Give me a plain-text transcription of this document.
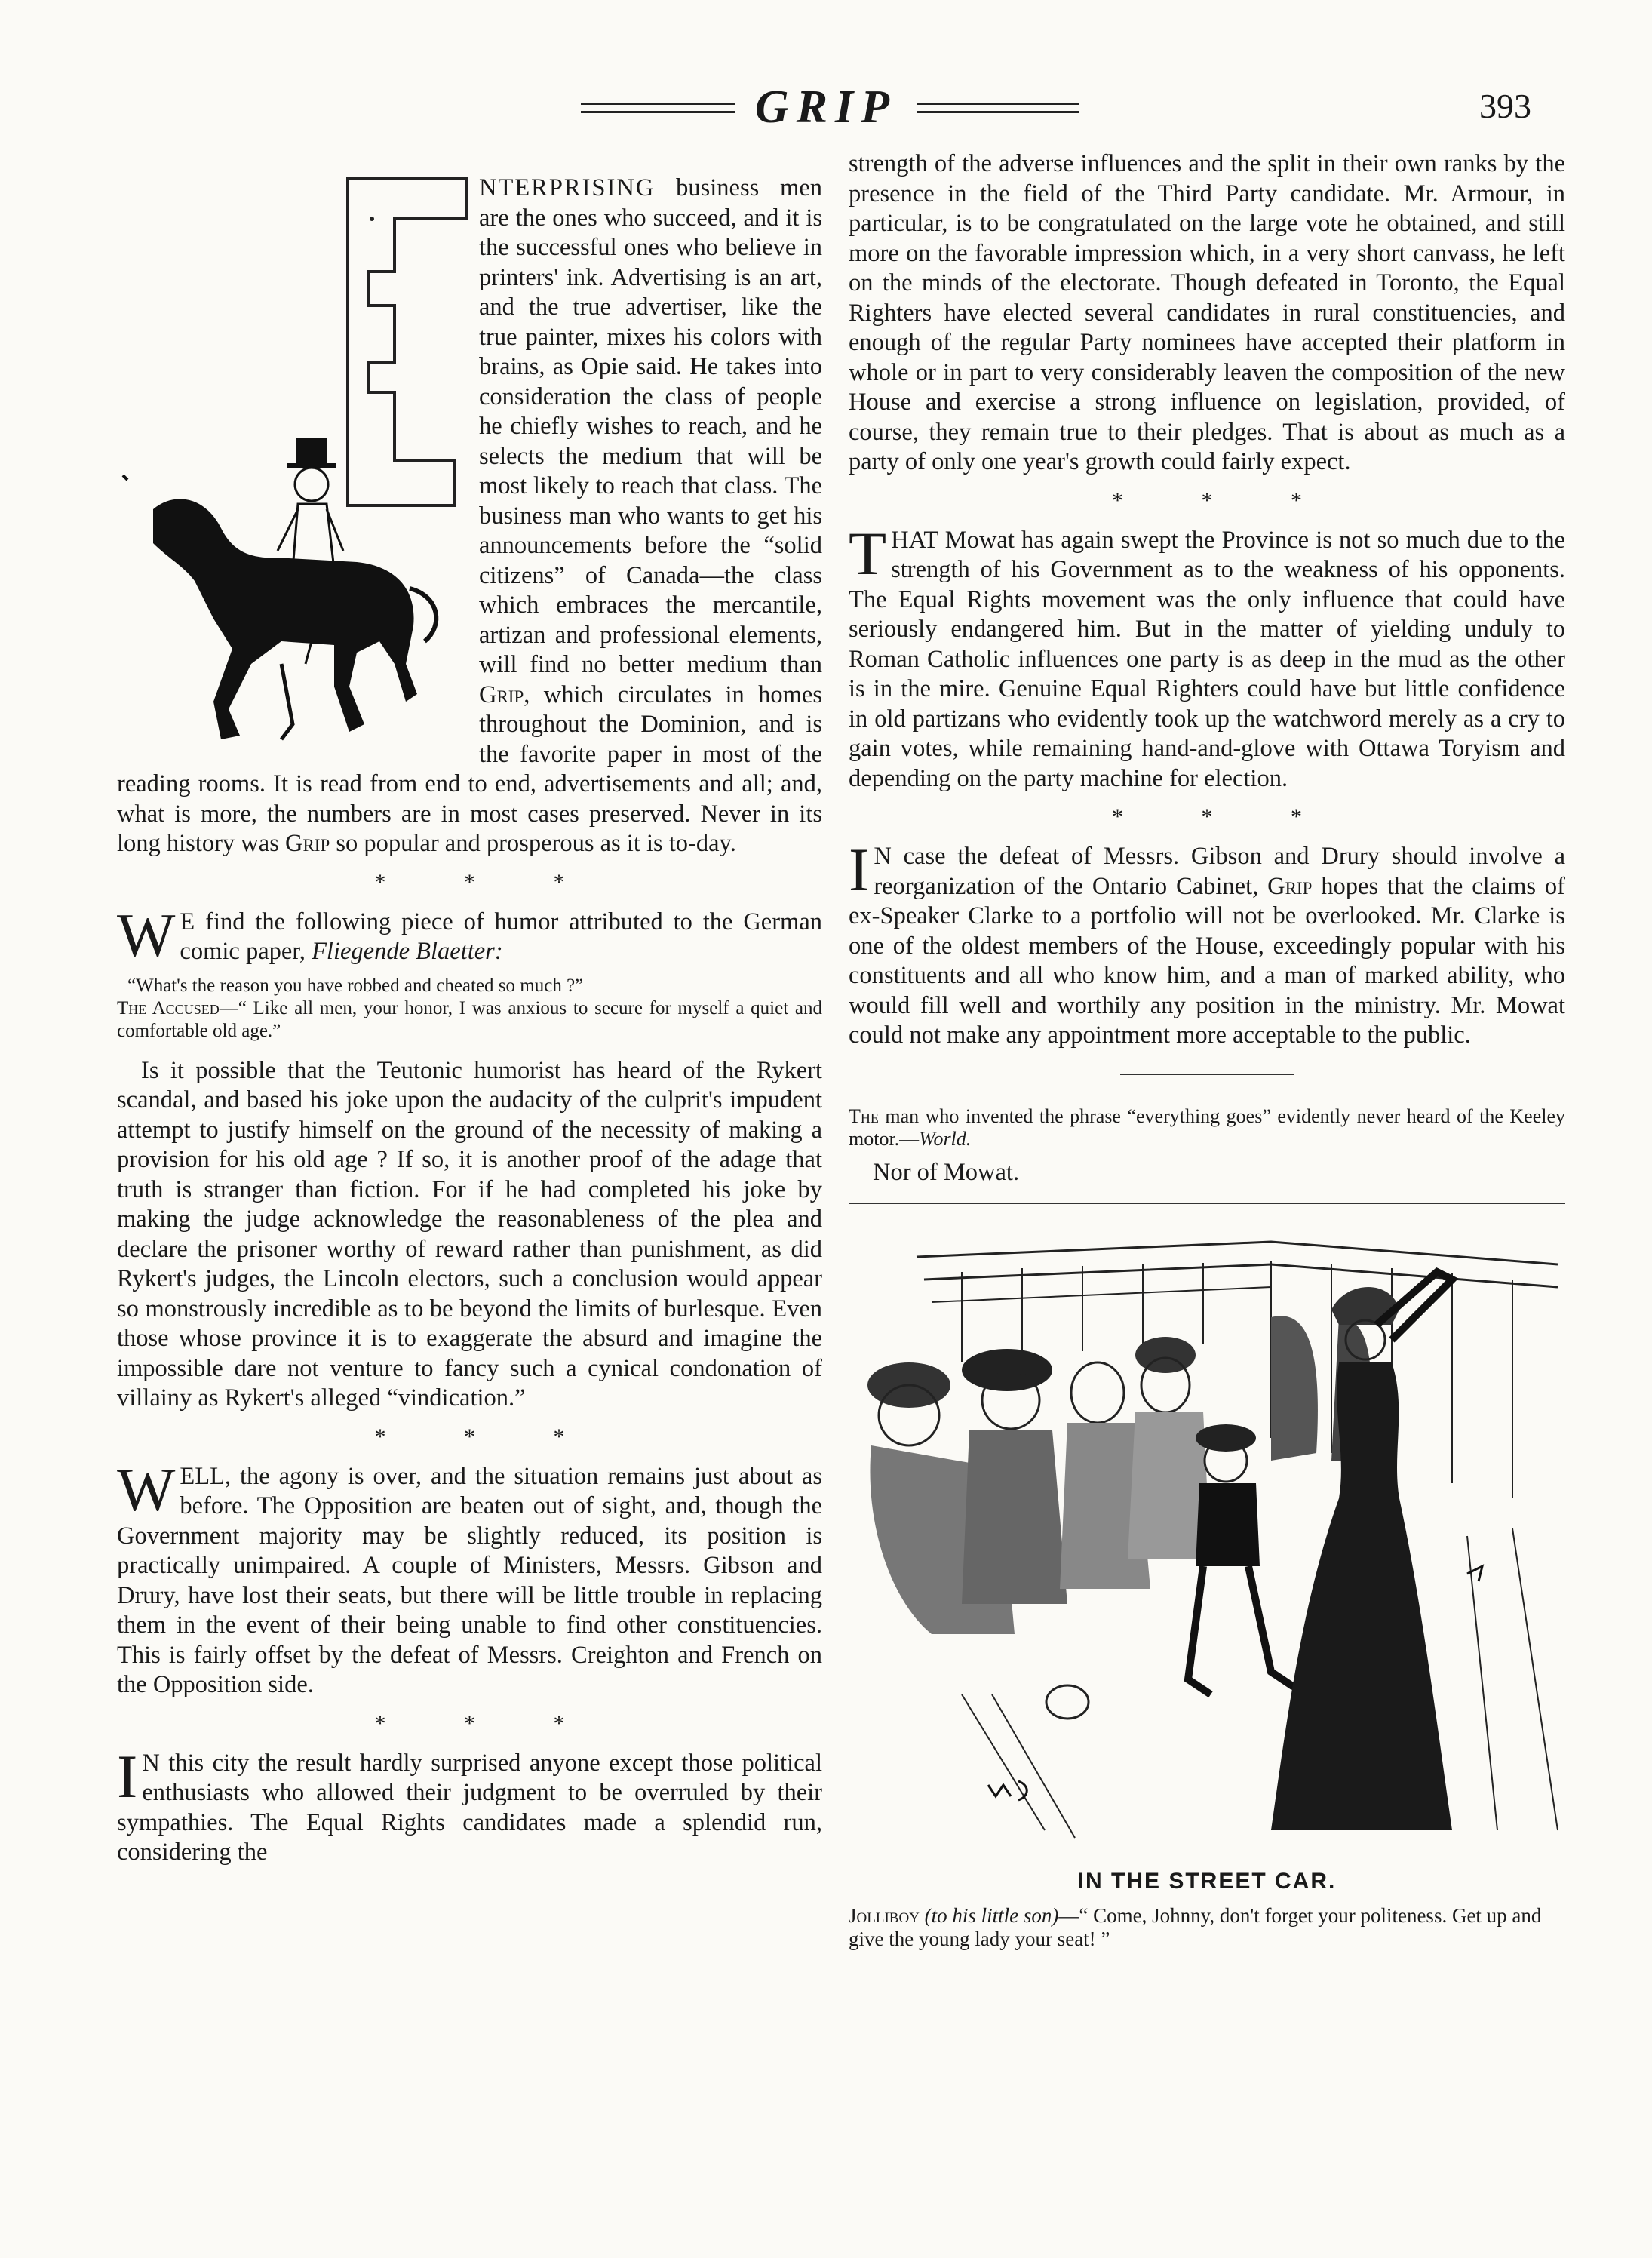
GRIP	393

NTERPRISING business men are the ones who succeed, and it is the successful ones who believe in printers' ink. Advertising is an art, and the true advertiser, like the true painter, mixes his colors with brains, as Opie said. He takes into consideration the class of people he chiefly wishes to reach, and he selects the medium that will be most likely to reach that class. The business man who wants to get his announcements before the “solid citizens” of Canada—the class which embraces the mercantile, artizan and professional elements, will find no better medium than Grip, which circulates in homes throughout the Dominion, and is the favorite paper in most of the reading rooms. It is read from end to end, advertisements and all; and, what is more, the numbers are in most cases preserved. Never in its long history was Grip so popular and prosperous as it is to-day.

* * *

W E find the following piece of humor attributed to the German comic paper, Fliegende Blaetter:

“What's the reason you have robbed and cheated so much ?”
The Accused—“ Like all men, your honor, I was anxious to secure for myself a quiet and comfortable old age.”

Is it possible that the Teutonic humorist has heard of the Rykert scandal, and based his joke upon the audacity of the culprit's impudent attempt to justify himself on the ground of the necessity of making a provision for his old age ? If so, it is another proof of the adage that truth is stranger than fiction. For if he had completed his joke by making the judge acknowledge the reasonableness of the plea and declare the prisoner worthy of reward rather than punishment, as did Rykert's judges, the Lincoln electors, such a conclusion would appear so monstrously incredible as to be beyond the limits of burlesque. Even those whose province it is to exaggerate the absurd and imagine the impossible dare not venture to fancy such a cynical condonation of villainy as Rykert's alleged “vindication.”

* * *

W ELL, the agony is over, and the situation remains just about as before. The Opposition are beaten out of sight, and, though the Government majority may be slightly reduced, its position is practically unimpaired. A couple of Ministers, Messrs. Gibson and Drury, have lost their seats, but there will be little trouble in replacing them in the event of their being unable to find other constituencies. This is fairly offset by the defeat of Messrs. Creighton and French on the Opposition side.

* * *

I N this city the result hardly surprised anyone except those political enthusiasts who allowed their judgment to be overruled by their sympathies. The Equal Rights candidates made a splendid run, considering the

strength of the adverse influences and the split in their own ranks by the presence in the field of the Third Party candidate. Mr. Armour, in particular, is to be congratulated on the large vote he obtained, and still more on the favorable impression which, in a very short canvass, he left on the minds of the electorate. Though defeated in Toronto, the Equal Righters have elected several candidates in rural constituencies, and enough of the regular Party nominees have accepted their platform in whole or in part to very considerably leaven the composition of the new House and exercise a strong influence on legislation, provided, of course, they remain true to their pledges. That is about as much as a party of only one year's growth could fairly expect.

* * *

T HAT Mowat has again swept the Province is not so much due to the strength of his Government as to the weakness of his opponents. The Equal Rights movement was the only influence that could have seriously endangered him. But in the matter of yielding unduly to Roman Catholic influences one party is as deep in the mud as the other is in the mire. Genuine Equal Righters could have but little confidence in old partizans who evidently took up the watchword merely as a cry to gain votes, while remaining hand-and-glove with Ottawa Toryism and depending on the party machine for election.

* * *

I N case the defeat of Messrs. Gibson and Drury should involve a reorganization of the Ontario Cabinet, Grip hopes that the claims of ex-Speaker Clarke to a portfolio will not be overlooked. Mr. Clarke is one of the oldest members of the House, exceedingly popular with his constituents and all who know him, and a man of marked ability, who would fill well and worthily any position in the ministry. Mr. Mowat could not make any appointment more acceptable to the public.

The man who invented the phrase “everything goes” evidently never heard of the Keeley motor.—World.

Nor of Mowat.

IN THE STREET CAR.
Jolliboy (to his little son)—“ Come, Johnny, don't forget your politeness. Get up and give the young lady your seat! ”
